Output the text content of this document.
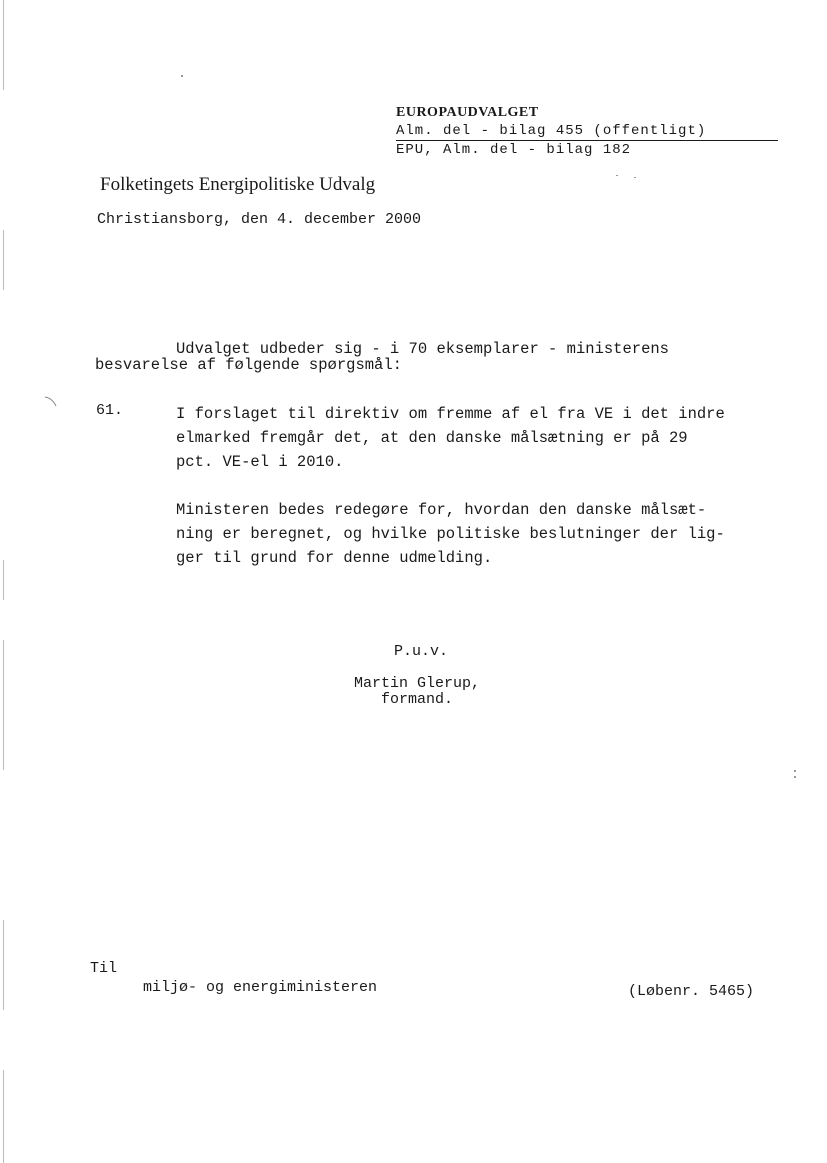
EUROPAUDVALGET
Alm. del - bilag 455 (offentligt)
EPU, Alm. del - bilag 182
Folketingets Energipolitiske Udvalg
Christiansborg, den 4. december 2000
Udvalget udbeder sig - i 70 eksemplarer - ministerens
besvarelse af følgende spørgsmål:
61.	I forslaget til direktiv om fremme af el fra VE i det indre
elmarked fremgår det, at den danske målsætning er på 29
pct. VE-el i 2010.
Ministeren bedes redegøre for, hvordan den danske målsæt-
ning er beregnet, og hvilke politiske beslutninger der lig-
ger til grund for denne udmelding.
P.u.v.
Martin Glerup,
formand.
Til
miljø- og energiministeren	(Løbenr. 5465)
